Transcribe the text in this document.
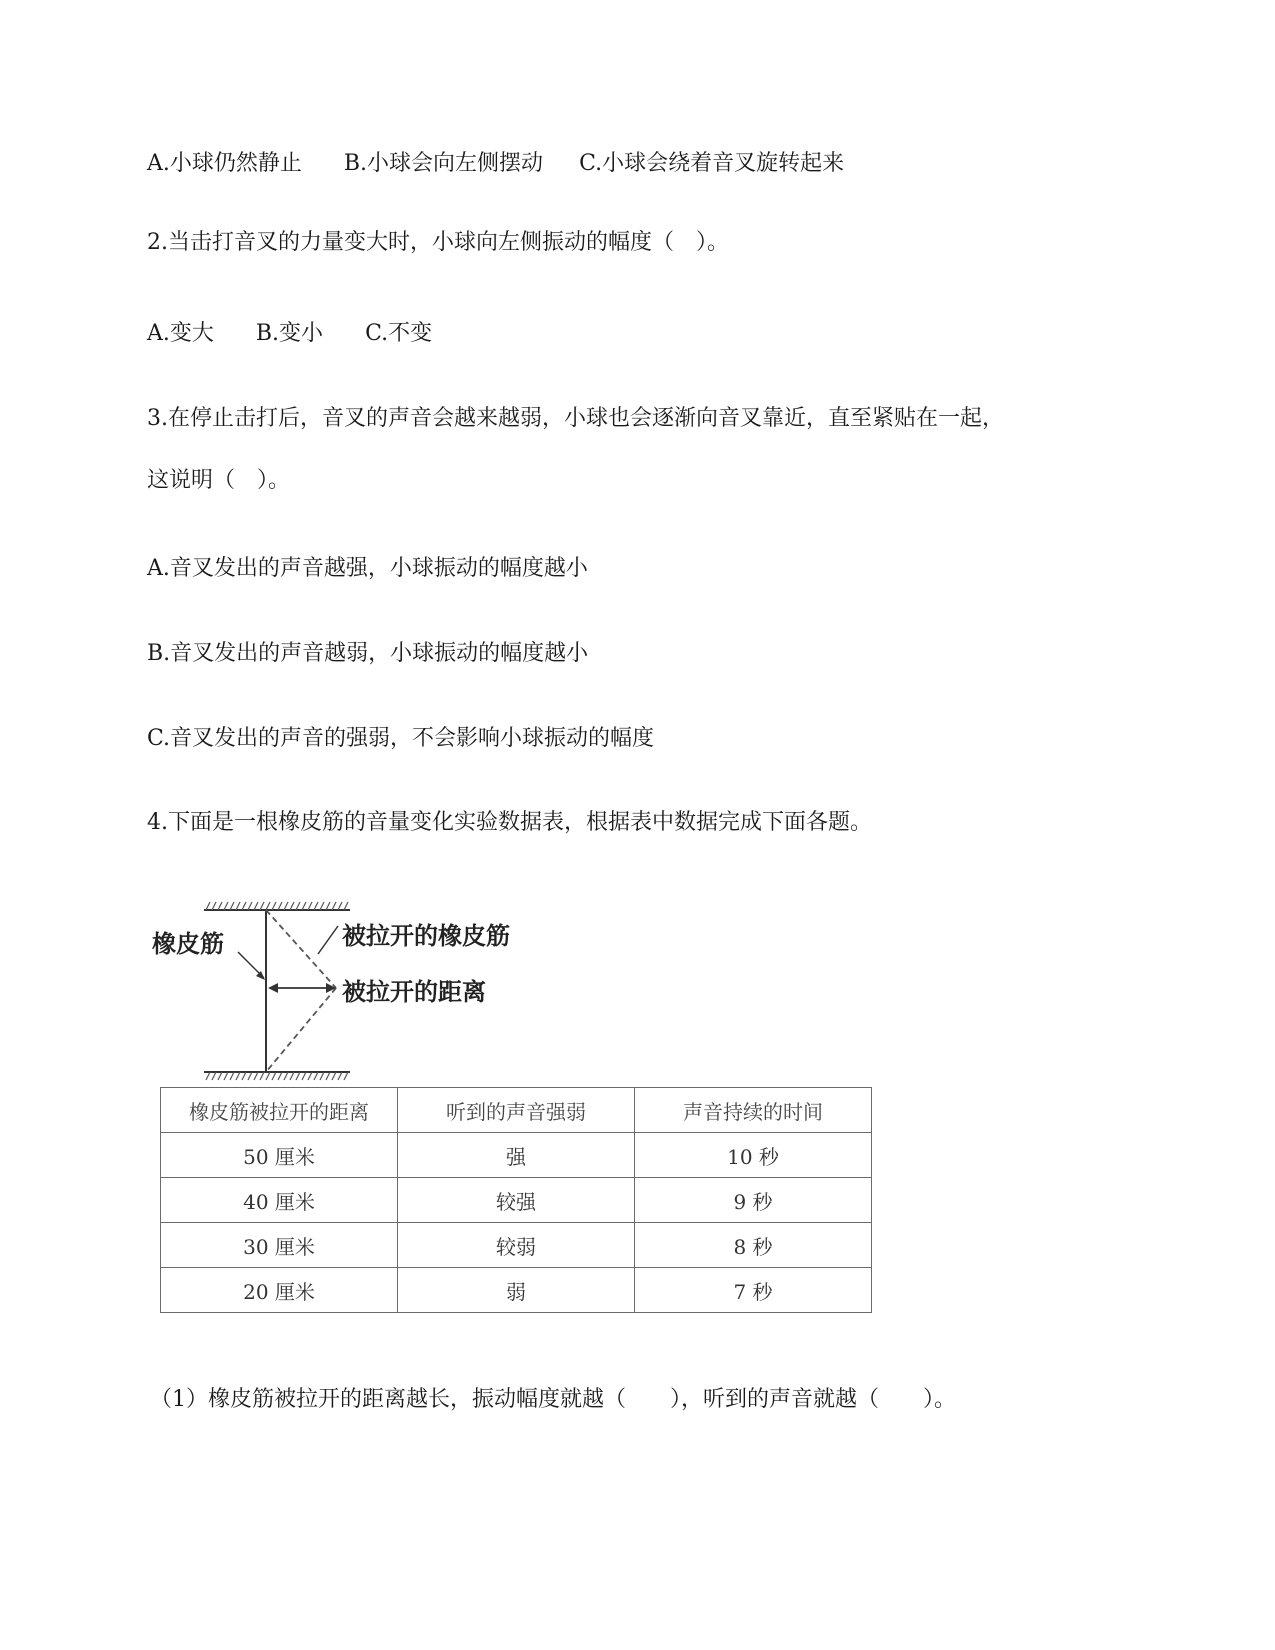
A.小球仍然静止 B.小球会向左侧摆动 C.小球会绕着音叉旋转起来
2.当击打音叉的力量变大时，小球向左侧振动的幅度（　）。
A.变大 B.变小 C.不变
3.在停止击打后，音叉的声音会越来越弱，小球也会逐渐向音叉靠近，直至紧贴在一起，
这说明（　）。
A.音叉发出的声音越强，小球振动的幅度越小
B.音叉发出的声音越弱，小球振动的幅度越小
C.音叉发出的声音的强弱，不会影响小球振动的幅度
4.下面是一根橡皮筋的音量变化实验数据表，根据表中数据完成下面各题。
橡皮筋	被拉开的橡皮筋
被拉开的距离
橡皮筋被拉开的距离	听到的声音强弱	声音持续的时间
50 厘米	强	10 秒
40 厘米	较强	9 秒
30 厘米	较弱	8 秒
20 厘米	弱	7 秒
（1）橡皮筋被拉开的距离越长，振动幅度就越（　　），听到的声音就越（　　）。
